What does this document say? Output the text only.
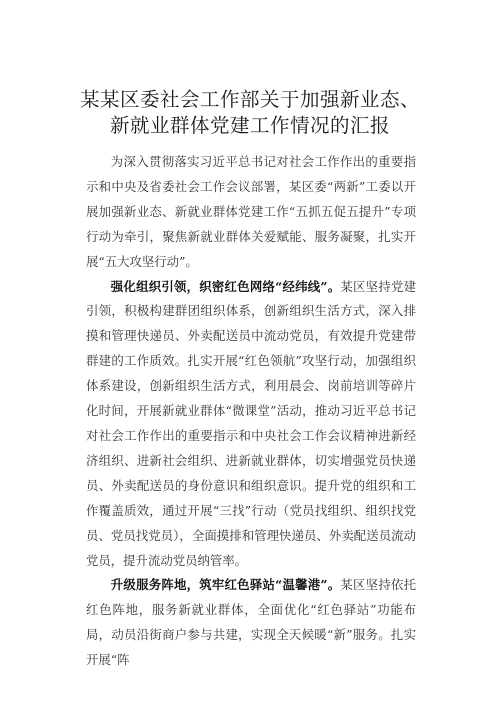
某某区委社会工作部关于加强新业态、
新就业群体党建工作情况的汇报

为深入贯彻落实习近平总书记对社会工作作出的重要指示和中央及省委社会工作会议部署，某区委“两新”工委以开展加强新业态、新就业群体党建工作“五抓五促五提升”专项行动为牵引，聚焦新就业群体关爱赋能、服务凝聚，扎实开展“五大攻坚行动”。

强化组织引领，织密红色网络“经纬线”。某区坚持党建引领，积极构建群团组织体系，创新组织生活方式，深入排摸和管理快递员、外卖配送员中流动党员，有效提升党建带群建的工作质效。扎实开展“红色领航”攻坚行动，加强组织体系建设，创新组织生活方式，利用晨会、岗前培训等碎片化时间，开展新就业群体“微课堂”活动，推动习近平总书记对社会工作作出的重要指示和中央社会工作会议精神进新经济组织、进新社会组织、进新就业群体，切实增强党员快递员、外卖配送员的身份意识和组织意识。提升党的组织和工作覆盖质效，通过开展“三找”行动（党员找组织、组织找党员、党员找党员），全面摸排和管理快递员、外卖配送员流动党员，提升流动党员纳管率。

升级服务阵地，筑牢红色驿站“温馨港”。某区坚持依托红色阵地，服务新就业群体，全面优化“红色驿站”功能布局，动员沿街商户参与共建，实现全天候暖“新”服务。扎实开展“阵
